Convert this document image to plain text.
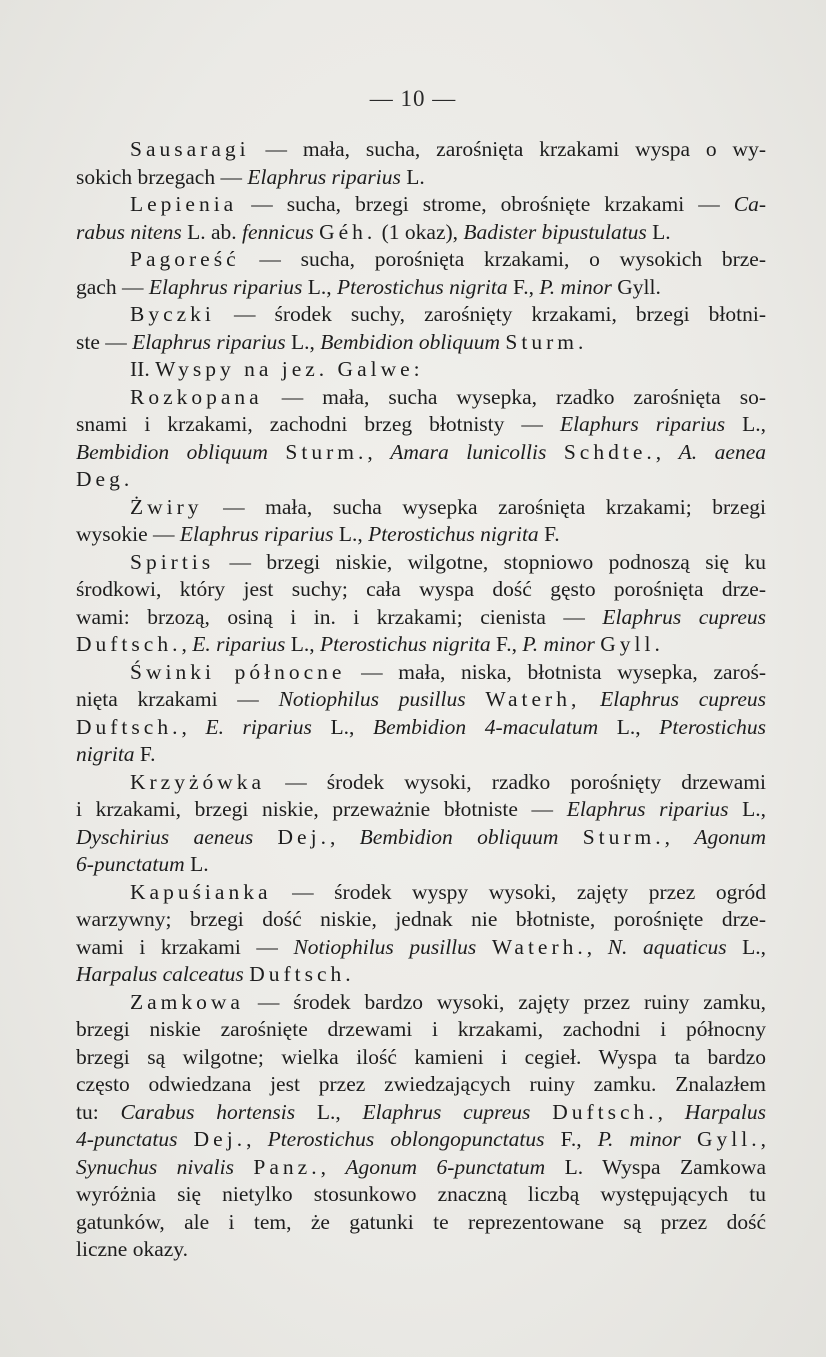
— 10 —
Sausaragi — mała, sucha, zarośnięta krzakami wyspa o wy-
sokich brzegach — Elaphrus riparius L.
Lepienia — sucha, brzegi strome, obrośnięte krzakami — Ca-
rabus nitens L. ab. fennicus Géh. (1 okaz), Badister bipustulatus L.
Pagoreść — sucha, porośnięta krzakami, o wysokich brze-
gach — Elaphrus riparius L., Pterostichus nigrita F., P. minor Gyll.
Byczki — środek suchy, zarośnięty krzakami, brzegi błotni-
ste — Elaphrus riparius L., Bembidion obliquum Sturm.
II. Wyspy na jez. Galwe:
Rozkopana — mała, sucha wysepka, rzadko zarośnięta so-
snami i krzakami, zachodni brzeg błotnisty — Elaphurs riparius L.,
Bembidion obliquum Sturm., Amara lunicollis Schdte., A. aenea
Deg.
Żwiry — mała, sucha wysepka zarośnięta krzakami; brzegi
wysokie — Elaphrus riparius L., Pterostichus nigrita F.
Spirtis — brzegi niskie, wilgotne, stopniowo podnoszą się ku
środkowi, który jest suchy; cała wyspa dość gęsto porośnięta drze-
wami: brzozą, osiną i in. i krzakami; cienista — Elaphrus cupreus
Duftsch., E. riparius L., Pterostichus nigrita F., P. minor Gyll.
Świnki północne — mała, niska, błotnista wysepka, zaroś-
nięta krzakami — Notiophilus pusillus Waterh, Elaphrus cupreus
Duftsch., E. riparius L., Bembidion 4-maculatum L., Pterostichus
nigrita F.
Krzyżówka — środek wysoki, rzadko porośnięty drzewami
i krzakami, brzegi niskie, przeważnie błotniste — Elaphrus riparius L.,
Dyschirius aeneus Dej., Bembidion obliquum Sturm., Agonum
6-punctatum L.
Kapuśianka — środek wyspy wysoki, zajęty przez ogród
warzywny; brzegi dość niskie, jednak nie błotniste, porośnięte drze-
wami i krzakami — Notiophilus pusillus Waterh., N. aquaticus L.,
Harpalus calceatus Duftsch.
Zamkowa — środek bardzo wysoki, zajęty przez ruiny zamku,
brzegi niskie zarośnięte drzewami i krzakami, zachodni i północny
brzegi są wilgotne; wielka ilość kamieni i cegieł. Wyspa ta bardzo
często odwiedzana jest przez zwiedzających ruiny zamku. Znalazłem
tu: Carabus hortensis L., Elaphrus cupreus Duftsch., Harpalus
4-punctatus Dej., Pterostichus oblongopunctatus F., P. minor Gyll.,
Synuchus nivalis Panz., Agonum 6-punctatum L. Wyspa Zamkowa
wyróżnia się nietylko stosunkowo znaczną liczbą występujących tu
gatunków, ale i tem, że gatunki te reprezentowane są przez dość
liczne okazy.
